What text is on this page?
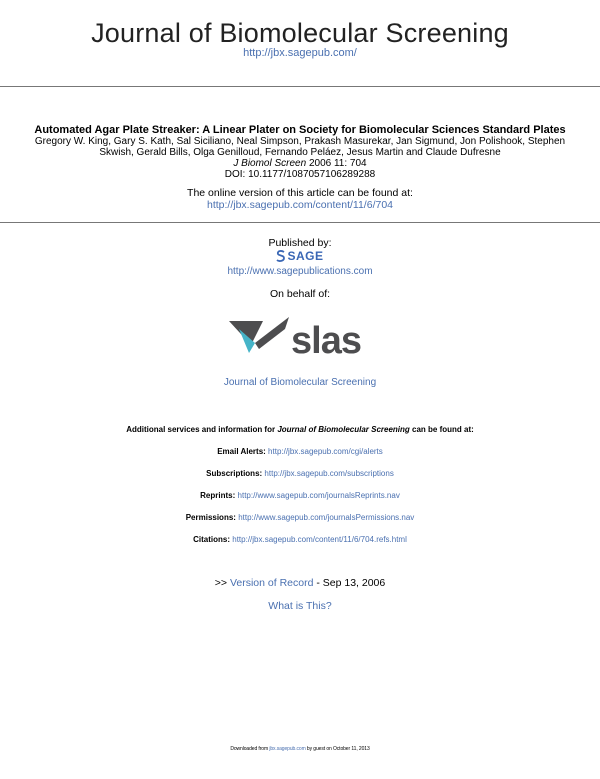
Journal of Biomolecular Screening
http://jbx.sagepub.com/
Automated Agar Plate Streaker: A Linear Plater on Society for Biomolecular Sciences Standard Plates
Gregory W. King, Gary S. Kath, Sal Siciliano, Neal Simpson, Prakash Masurekar, Jan Sigmund, Jon Polishook, Stephen
Skwish, Gerald Bills, Olga Genilloud, Fernando Peláez, Jesus Martin and Claude Dufresne
J Biomol Screen 2006 11: 704
DOI: 10.1177/1087057106289288
The online version of this article can be found at:
http://jbx.sagepub.com/content/11/6/704
Published by:
SAGE
http://www.sagepublications.com
On behalf of:
slas
Journal of Biomolecular Screening
Additional services and information for Journal of Biomolecular Screening can be found at:
Email Alerts: http://jbx.sagepub.com/cgi/alerts
Subscriptions: http://jbx.sagepub.com/subscriptions
Reprints: http://www.sagepub.com/journalsReprints.nav
Permissions: http://www.sagepub.com/journalsPermissions.nav
Citations: http://jbx.sagepub.com/content/11/6/704.refs.html
>> Version of Record - Sep 13, 2006
What is This?
Downloaded from jbx.sagepub.com by guest on October 11, 2013
